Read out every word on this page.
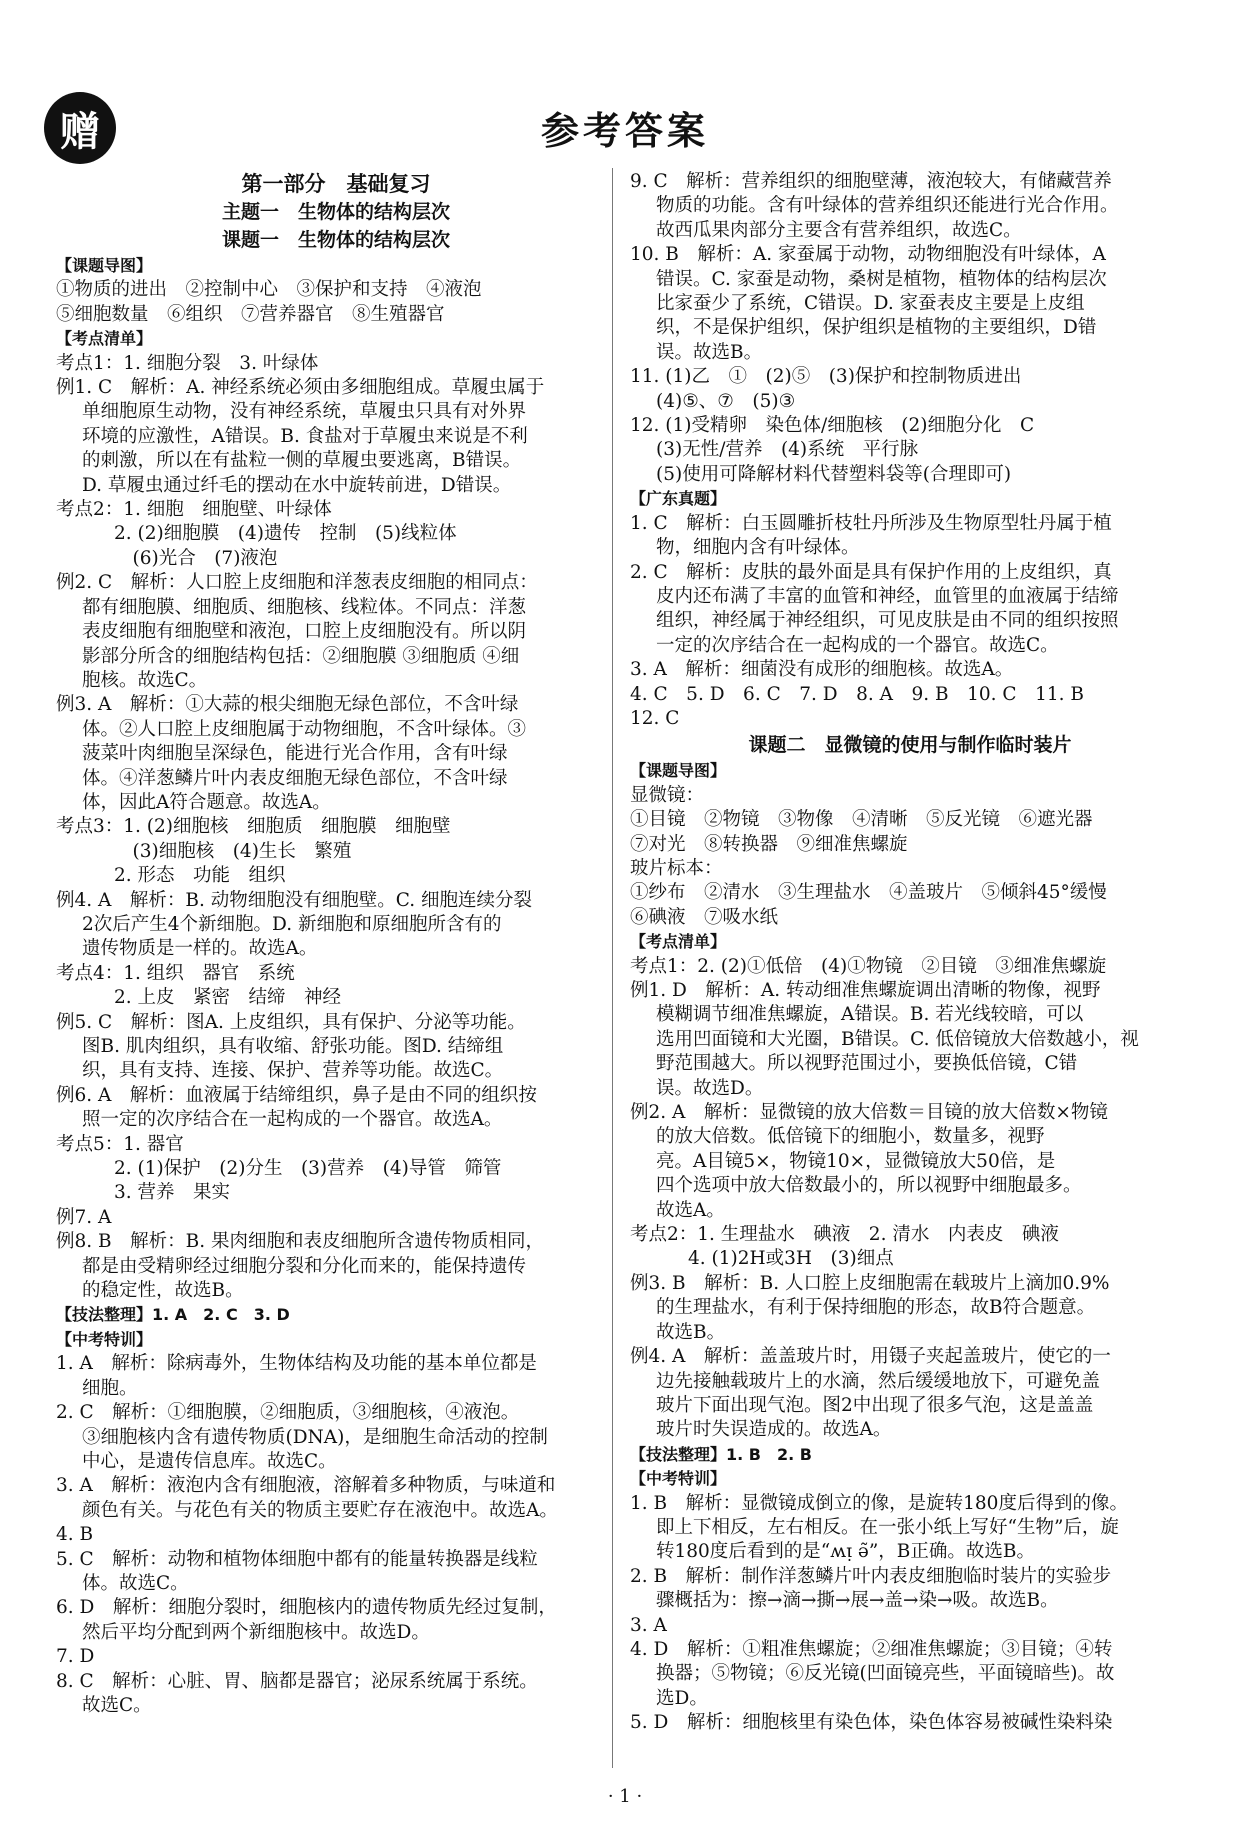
赠	参考答案
第一部分　基础复习
主题一　生物体的结构层次
课题一　生物体的结构层次
【课题导图】
①物质的进出　②控制中心　③保护和支持　④液泡
⑤细胞数量　⑥组织　⑦营养器官　⑧生殖器官
【考点清单】
考点1：1. 细胞分裂　3. 叶绿体
例1. C　解析：A. 神经系统必须由多细胞组成。草履虫属于
单细胞原生动物，没有神经系统，草履虫只具有对外界
环境的应激性，A错误。B. 食盐对于草履虫来说是不利
的刺激，所以在有盐粒一侧的草履虫要逃离，B错误。
D. 草履虫通过纤毛的摆动在水中旋转前进，D错误。
考点2：1. 细胞　细胞壁、叶绿体
2. (2)细胞膜　(4)遗传　控制　(5)线粒体
　(6)光合　(7)液泡
例2. C　解析：人口腔上皮细胞和洋葱表皮细胞的相同点：
都有细胞膜、细胞质、细胞核、线粒体。不同点：洋葱
表皮细胞有细胞壁和液泡，口腔上皮细胞没有。所以阴
影部分所含的细胞结构包括：②细胞膜 ③细胞质 ④细
胞核。故选C。
例3. A　解析：①大蒜的根尖细胞无绿色部位，不含叶绿
体。②人口腔上皮细胞属于动物细胞，不含叶绿体。③
菠菜叶肉细胞呈深绿色，能进行光合作用，含有叶绿
体。④洋葱鳞片叶内表皮细胞无绿色部位，不含叶绿
体，因此A符合题意。故选A。
考点3：1. (2)细胞核　细胞质　细胞膜　细胞壁
　(3)细胞核　(4)生长　繁殖
2. 形态　功能　组织
例4. A　解析：B. 动物细胞没有细胞壁。C. 细胞连续分裂
2次后产生4个新细胞。D. 新细胞和原细胞所含有的
遗传物质是一样的。故选A。
考点4：1. 组织　器官　系统
2. 上皮　紧密　结缔　神经
例5. C　解析：图A. 上皮组织，具有保护、分泌等功能。
图B. 肌肉组织，具有收缩、舒张功能。图D. 结缔组
织，具有支持、连接、保护、营养等功能。故选C。
例6. A　解析：血液属于结缔组织，鼻子是由不同的组织按
照一定的次序结合在一起构成的一个器官。故选A。
考点5：1. 器官
2. (1)保护　(2)分生　(3)营养　(4)导管　筛管
3. 营养　果实
例7. A
例8. B　解析：B. 果肉细胞和表皮细胞所含遗传物质相同，
都是由受精卵经过细胞分裂和分化而来的，能保持遗传
的稳定性，故选B。
【技法整理】1. A　2. C　3. D
【中考特训】
1. A　解析：除病毒外，生物体结构及功能的基本单位都是
细胞。
2. C　解析：①细胞膜，②细胞质，③细胞核，④液泡。
③细胞核内含有遗传物质(DNA)，是细胞生命活动的控制
中心，是遗传信息库。故选C。
3. A　解析：液泡内含有细胞液，溶解着多种物质，与味道和
颜色有关。与花色有关的物质主要贮存在液泡中。故选A。
4. B
5. C　解析：动物和植物体细胞中都有的能量转换器是线粒
体。故选C。
6. D　解析：细胞分裂时，细胞核内的遗传物质先经过复制，
然后平均分配到两个新细胞核中。故选D。
7. D
8. C　解析：心脏、胃、脑都是器官；泌尿系统属于系统。
故选C。
9. C　解析：营养组织的细胞壁薄，液泡较大，有储藏营养
物质的功能。含有叶绿体的营养组织还能进行光合作用。
故西瓜果肉部分主要含有营养组织，故选C。
10. B　解析：A. 家蚕属于动物，动物细胞没有叶绿体，A
错误。C. 家蚕是动物，桑树是植物，植物体的结构层次
比家蚕少了系统，C错误。D. 家蚕表皮主要是上皮组
织，不是保护组织，保护组织是植物的主要组织，D错
误。故选B。
11. (1)乙　①　(2)⑤　(3)保护和控制物质进出
(4)⑤、⑦　(5)③
12. (1)受精卵　染色体/细胞核　(2)细胞分化　C
(3)无性/营养　(4)系统　平行脉
(5)使用可降解材料代替塑料袋等(合理即可)
【广东真题】
1. C　解析：白玉圆雕折枝牡丹所涉及生物原型牡丹属于植
物，细胞内含有叶绿体。
2. C　解析：皮肤的最外面是具有保护作用的上皮组织，真
皮内还布满了丰富的血管和神经，血管里的血液属于结缔
组织，神经属于神经组织，可见皮肤是由不同的组织按照
一定的次序结合在一起构成的一个器官。故选C。
3. A　解析：细菌没有成形的细胞核。故选A。
4. C　5. D　6. C　7. D　8. A　9. B　10. C　11. B
12. C
课题二　显微镜的使用与制作临时装片
【课题导图】
显微镜：
①目镜　②物镜　③物像　④清晰　⑤反光镜　⑥遮光器
⑦对光　⑧转换器　⑨细准焦螺旋
玻片标本：
①纱布　②清水　③生理盐水　④盖玻片　⑤倾斜45°缓慢
⑥碘液　⑦吸水纸
【考点清单】
考点1：2. (2)①低倍　(4)①物镜　②目镜　③细准焦螺旋
例1. D　解析：A. 转动细准焦螺旋调出清晰的物像，视野
模糊调节细准焦螺旋，A错误。B. 若光线较暗，可以
选用凹面镜和大光圈，B错误。C. 低倍镜放大倍数越小，视
野范围越大。所以视野范围过小，要换低倍镜，C错
误。故选D。
例2. A　解析：显微镜的放大倍数＝目镜的放大倍数×物镜
的放大倍数。低倍镜下的细胞小，数量多，视野
亮。A目镜5×，物镜10×，显微镜放大50倍，是
四个选项中放大倍数最小的，所以视野中细胞最多。
故选A。
考点2：1. 生理盐水　碘液　2. 清水　内表皮　碘液
4. (1)2H或3H　(3)细点
例3. B　解析：B. 人口腔上皮细胞需在载玻片上滴加0.9%
的生理盐水，有利于保持细胞的形态，故B符合题意。
故选B。
例4. A　解析：盖盖玻片时，用镊子夹起盖玻片，使它的一
边先接触载玻片上的水滴，然后缓缓地放下，可避免盖
玻片下面出现气泡。图2中出现了很多气泡，这是盖盖
玻片时失误造成的。故选A。
【技法整理】1. B　2. B
【中考特训】
1. B　解析：显微镜成倒立的像，是旋转180度后得到的像。
即上下相反，左右相反。在一张小纸上写好“生物”后，旋
转180度后看到的是“ʍᴉ ǝ̃”，B正确。故选B。
2. B　解析：制作洋葱鳞片叶内表皮细胞临时装片的实验步
骤概括为：擦→滴→撕→展→盖→染→吸。故选B。
3. A
4. D　解析：①粗准焦螺旋；②细准焦螺旋；③目镜；④转
换器；⑤物镜；⑥反光镜(凹面镜亮些，平面镜暗些)。故
选D。
5. D　解析：细胞核里有染色体，染色体容易被碱性染料染
· 1 ·
